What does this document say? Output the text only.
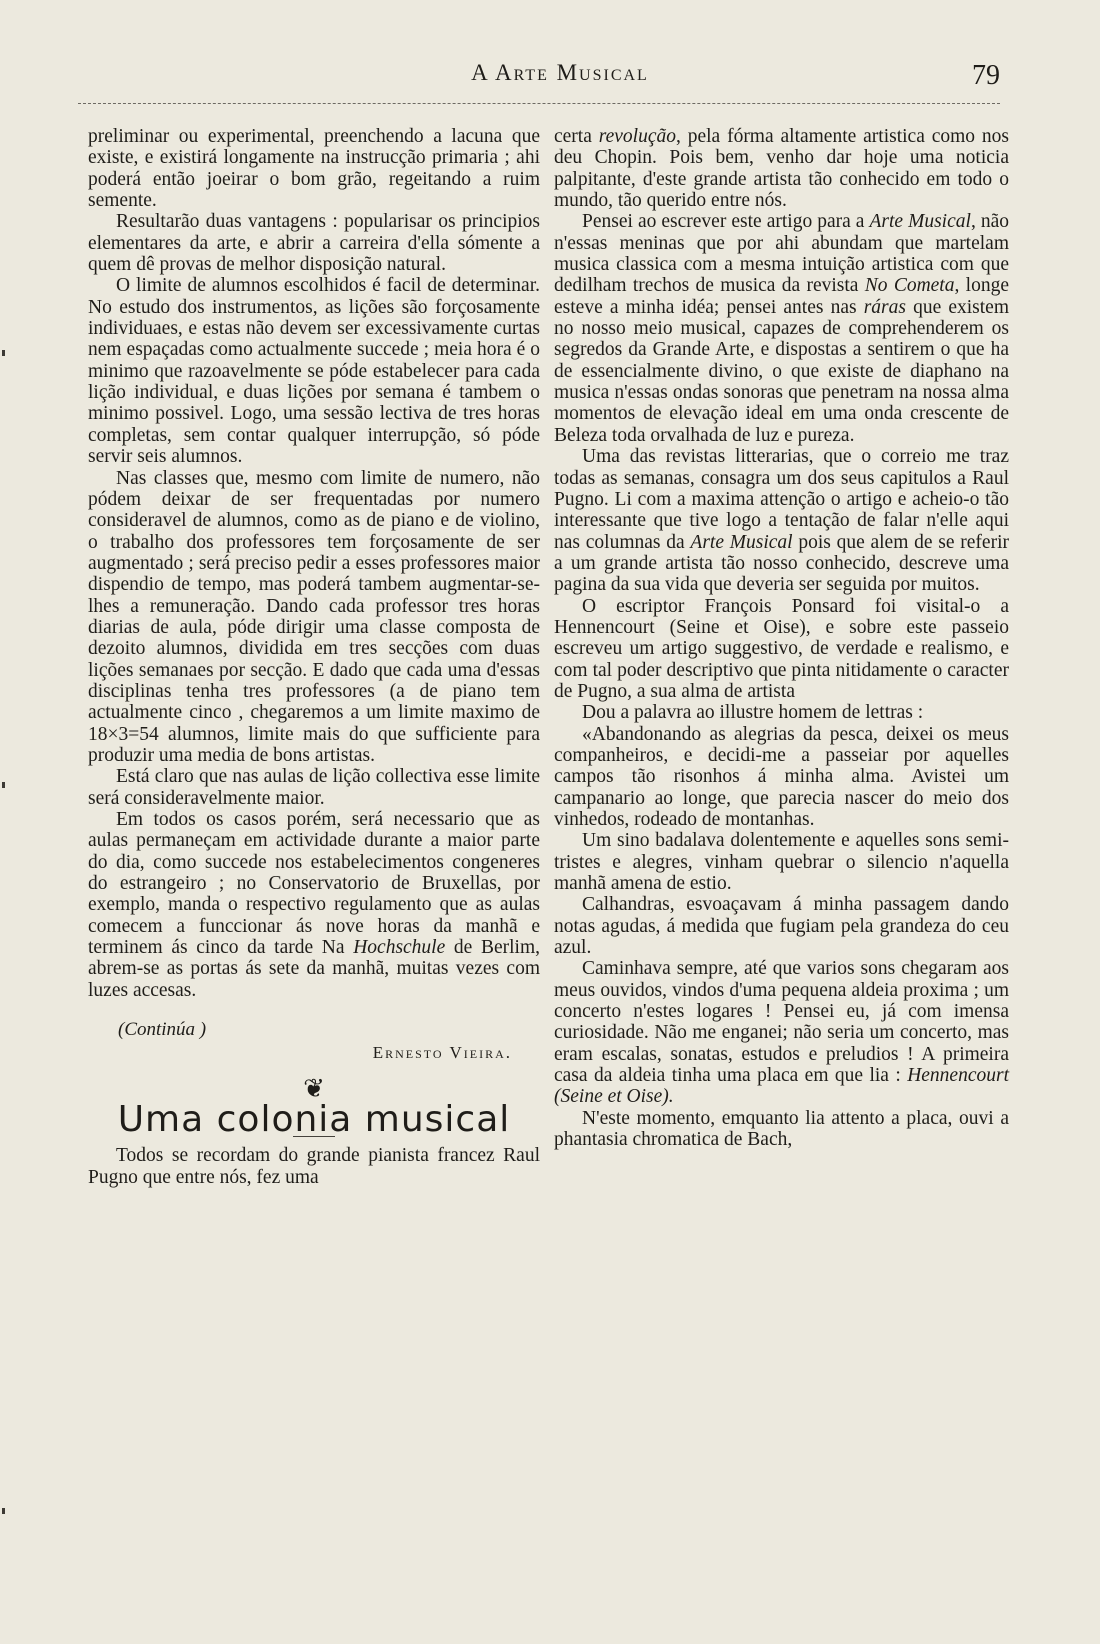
A Arte Musical	79

preliminar ou experimental, preenchendo a lacuna que existe, e existirá longamente na instrucção primaria ; ahi poderá então joeirar o bom grão, regeitando a ruim semente.

Resultarão duas vantagens : popularisar os principios elementares da arte, e abrir a carreira d'ella sómente a quem dê provas de melhor disposição natural.

O limite de alumnos escolhidos é facil de determinar. No estudo dos instrumentos, as lições são forçosamente individuaes, e estas não devem ser excessivamente curtas nem espaçadas como actualmente succede ; meia hora é o minimo que razoavelmente se póde estabelecer para cada lição individual, e duas lições por semana é tambem o minimo possivel. Logo, uma sessão lectiva de tres horas completas, sem contar qualquer interrupção, só póde servir seis alumnos.

Nas classes que, mesmo com limite de numero, não pódem deixar de ser frequentadas por numero consideravel de alumnos, como as de piano e de violino, o trabalho dos professores tem forçosamente de ser augmentado ; será preciso pedir a esses professores maior dispendio de tempo, mas poderá tambem augmentar-se-lhes a remuneração. Dando cada professor tres horas diarias de aula, póde dirigir uma classe composta de dezoito alumnos, dividida em tres secções com duas lições semanaes por secção. E dado que cada uma d'essas disciplinas tenha tres professores (a de piano tem actualmente cinco , chegaremos a um limite maximo de 18×3=54 alumnos, limite mais do que sufficiente para produzir uma media de bons artistas.

Está claro que nas aulas de lição collectiva esse limite será consideravelmente maior.

Em todos os casos porém, será necessario que as aulas permaneçam em actividade durante a maior parte do dia, como succede nos estabelecimentos congeneres do estrangeiro ; no Conservatorio de Bruxellas, por exemplo, manda o respectivo regulamento que as aulas comecem a funccionar ás nove horas da manhã e terminem ás cinco da tarde Na Hochschule de Berlim, abrem-se as portas ás sete da manhã, muitas vezes com luzes accesas.

(Continúa )
Ernesto Vieira.
❦
Uma colonia musical

Todos se recordam do grande pianista francez Raul Pugno que entre nós, fez uma

certa revolução, pela fórma altamente artistica como nos deu Chopin. Pois bem, venho dar hoje uma noticia palpitante, d'este grande artista tão conhecido em todo o mundo, tão querido entre nós.

Pensei ao escrever este artigo para a Arte Musical, não n'essas meninas que por ahi abundam que martelam musica classica com a mesma intuição artistica com que dedilham trechos de musica da revista No Cometa, longe esteve a minha idéa; pensei antes nas ráras que existem no nosso meio musical, capazes de comprehenderem os segredos da Grande Arte, e dispostas a sentirem o que ha de essencialmente divino, o que existe de diaphano na musica n'essas ondas sonoras que penetram na nossa alma momentos de elevação ideal em uma onda crescente de Beleza toda orvalhada de luz e pureza.

Uma das revistas litterarias, que o correio me traz todas as semanas, consagra um dos seus capitulos a Raul Pugno. Li com a maxima attenção o artigo e acheio-o tão interessante que tive logo a tentação de falar n'elle aqui nas columnas da Arte Musical pois que alem de se referir a um grande artista tão nosso conhecido, descreve uma pagina da sua vida que deveria ser seguida por muitos.

O escriptor François Ponsard foi visital-o a Hennencourt (Seine et Oise), e sobre este passeio escreveu um artigo suggestivo, de verdade e realismo, e com tal poder descriptivo que pinta nitidamente o caracter de Pugno, a sua alma de artista

Dou a palavra ao illustre homem de lettras :

«Abandonando as alegrias da pesca, deixei os meus companheiros, e decidi-me a passeiar por aquelles campos tão risonhos á minha alma. Avistei um campanario ao longe, que parecia nascer do meio dos vinhedos, rodeado de montanhas.

Um sino badalava dolentemente e aquelles sons semi-tristes e alegres, vinham quebrar o silencio n'aquella manhã amena de estio.

Calhandras, esvoaçavam á minha passagem dando notas agudas, á medida que fugiam pela grandeza do ceu azul.

Caminhava sempre, até que varios sons chegaram aos meus ouvidos, vindos d'uma pequena aldeia proxima ; um concerto n'estes logares ! Pensei eu, já com imensa curiosidade. Não me enganei; não seria um concerto, mas eram escalas, sonatas, estudos e preludios ! A primeira casa da aldeia tinha uma placa em que lia : Hennencourt (Seine et Oise).

N'este momento, emquanto lia attento a placa, ouvi a phantasia chromatica de Bach,
